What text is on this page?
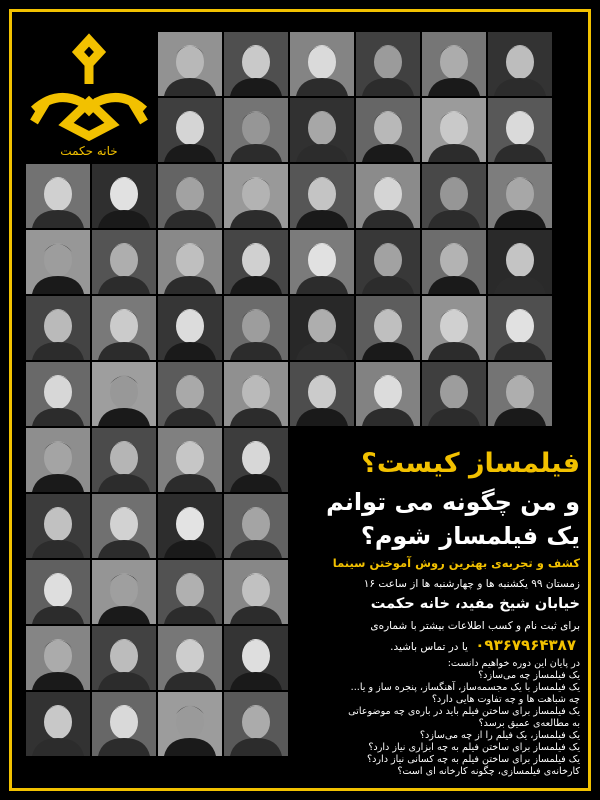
خانه حکمت
فیلمساز کیست؟
و من چگونه می توانم
یک فیلمساز شوم؟
کشف و تجربه‌ی بهترین روش آموختن سینما
زمستان ۹۹ یکشنبه ها و چهارشنبه ها از ساعت ۱۶
خیابان شیخ مفید، خانه حکمت
برای ثبت نام و کسب اطلاعات بیشتر با شماره‌ی
۰۹۳۶۷۹۶۴۳۸۷ یا در تماس باشید.
در پایان این دوره خواهیم دانست:
یک فیلمساز چه می‌سازد؟
یک فیلمساز با یک مجسمه‌ساز، آهنگساز، پنجره ساز و یا...
چه شباهت ها و چه تفاوت هایی دارد؟
یک فیلمساز برای ساختن فیلم باید در باره‌ی چه موضوعاتی
به مطالعه‌ی عمیق برسد؟
یک فیلمساز، یک فیلم را از چه می‌سازد؟
یک فیلمساز برای ساختن فیلم به چه ابزاری نیاز دارد؟
یک فیلمساز برای ساختن فیلم به چه کسانی نیاز دارد؟
کارخانه‌ی فیلمسازی، چگونه کارخانه ای است؟
